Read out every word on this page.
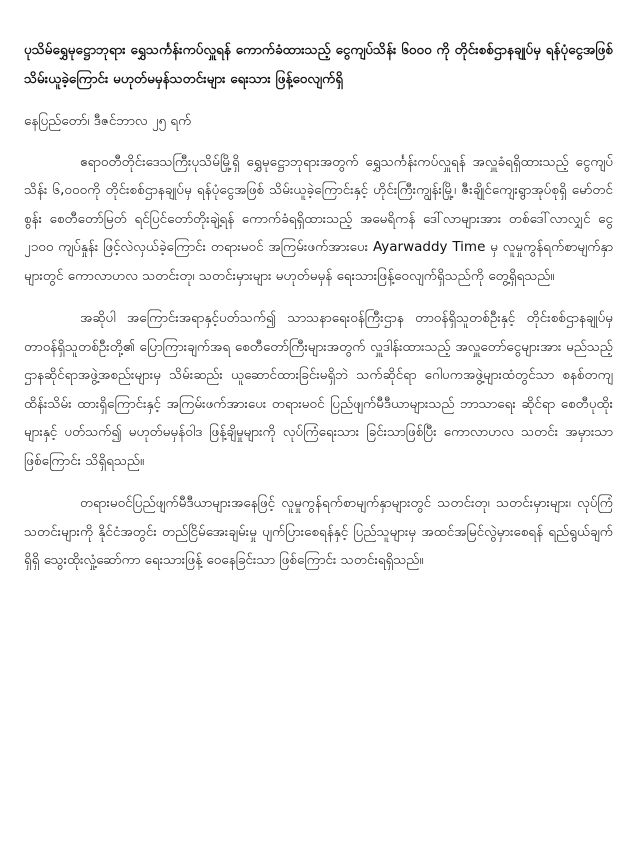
ပုသိမ်ရွှေမုဋ္ဌောဘုရား ရွှေသင်္ကန်းကပ်လှူရန် ကောက်ခံထားသည့် ငွေကျပ်သိန်း ၆၀၀၀ ကို တိုင်းစစ်ဌာနချုပ်မှ ရန်ပုံငွေအဖြစ်သိမ်းယူခဲ့ကြောင်း မဟုတ်မမှန်သတင်းများ ရေးသား ဖြန့်ဝေလျက်ရှိ
နေပြည်တော်၊ ဒီဇင်ဘာလ ၂၅ ရက်
ဧရာဝတီတိုင်းဒေသကြီးပုသိမ်မြို့ရှိ ရွှေမုဋ္ဌောဘုရားအတွက် ရွှေသင်္ကန်းကပ်လှူရန် အလှူခံရရှိထားသည့် ငွေကျပ် သိန်း ၆,၀၀၀ကို တိုင်းစစ်ဌာနချုပ်မှ ရန်ပုံငွေအဖြစ် သိမ်းယူခဲ့ကြောင်းနှင့် ဟိုင်းကြီးကျွန်းမြို့၊ ဇီးချိုင်ကျေးရွာအုပ်စုရှိ မော်တင်စွန်း စေတီတော်မြတ် ရင်ပြင်တော်တိုးချဲ့ရန် ကောက်ခံရရှိထားသည့် အမေရိကန် ဒေါ်လာများအား တစ်ဒေါ်လာလျှင် ငွေ ၂၁၀၀ ကျပ်နှုန်း ဖြင့်လဲလှယ်ခဲ့ကြောင်း တရားမဝင် အကြမ်းဖက်အားပေး Ayarwaddy Time မှ လူမှုကွန်ရက်စာမျက်နှာများတွင် ကောလာဟလ သတင်းတု၊ သတင်းမှားများ မဟုတ်မမှန် ရေးသားဖြန့်ဝေလျက်ရှိသည်ကို တွေ့ရှိရသည်။
အဆိုပါ အကြောင်းအရာနှင့်ပတ်သက်၍ သာသနာရေးဝန်ကြီးဌာန တာဝန်ရှိသူတစ်ဦးနှင့် တိုင်းစစ်ဌာနချုပ်မှ တာဝန်ရှိသူတစ်ဦးတို့၏ ပြောကြားချက်အရ စေတီတော်ကြီးများအတွက် လှူဒါန်းထားသည့် အလှူတော်ငွေများအား မည်သည့်ဌာနဆိုင်ရာအဖွဲ့အစည်းများမှ သိမ်းဆည်း ယူဆောင်ထားခြင်းမရှိဘဲ သက်ဆိုင်ရာ ဂေါပကအဖွဲ့များထံတွင်သာ စနစ်တကျ ထိန်းသိမ်း ထားရှိကြောင်းနှင့် အကြမ်းဖက်အားပေး တရားမဝင် ပြည်ဖျက်မီဒီယာများသည် ဘာသာရေး ဆိုင်ရာ စေတီပုထိုးများနှင့် ပတ်သက်၍ မဟုတ်မမှန်ဝါဒ ဖြန့်ချိမှုများကို လုပ်ကြံရေးသား ခြင်းသာဖြစ်ပြီး ကောလာဟလ သတင်း အမှားသာဖြစ်ကြောင်း သိရှိရသည်။
တရားမဝင်ပြည်ဖျက်မီဒီယာများအနေဖြင့် လူမှုကွန်ရက်စာမျက်နှာများတွင် သတင်းတု၊ သတင်းမှားများ၊ လုပ်ကြံသတင်းများကို နိုင်ငံအတွင်း တည်ငြိမ်အေးချမ်းမှု ပျက်ပြားစေရန်နှင့် ပြည်သူများမှ အထင်အမြင်လွဲမှားစေရန် ရည်ရွယ်ချက်ရှိရှိ သွေးထိုးလှုံ့ဆော်ကာ ရေးသားဖြန့် ဝေနေခြင်းသာ ဖြစ်ကြောင်း သတင်းရရှိသည်။
